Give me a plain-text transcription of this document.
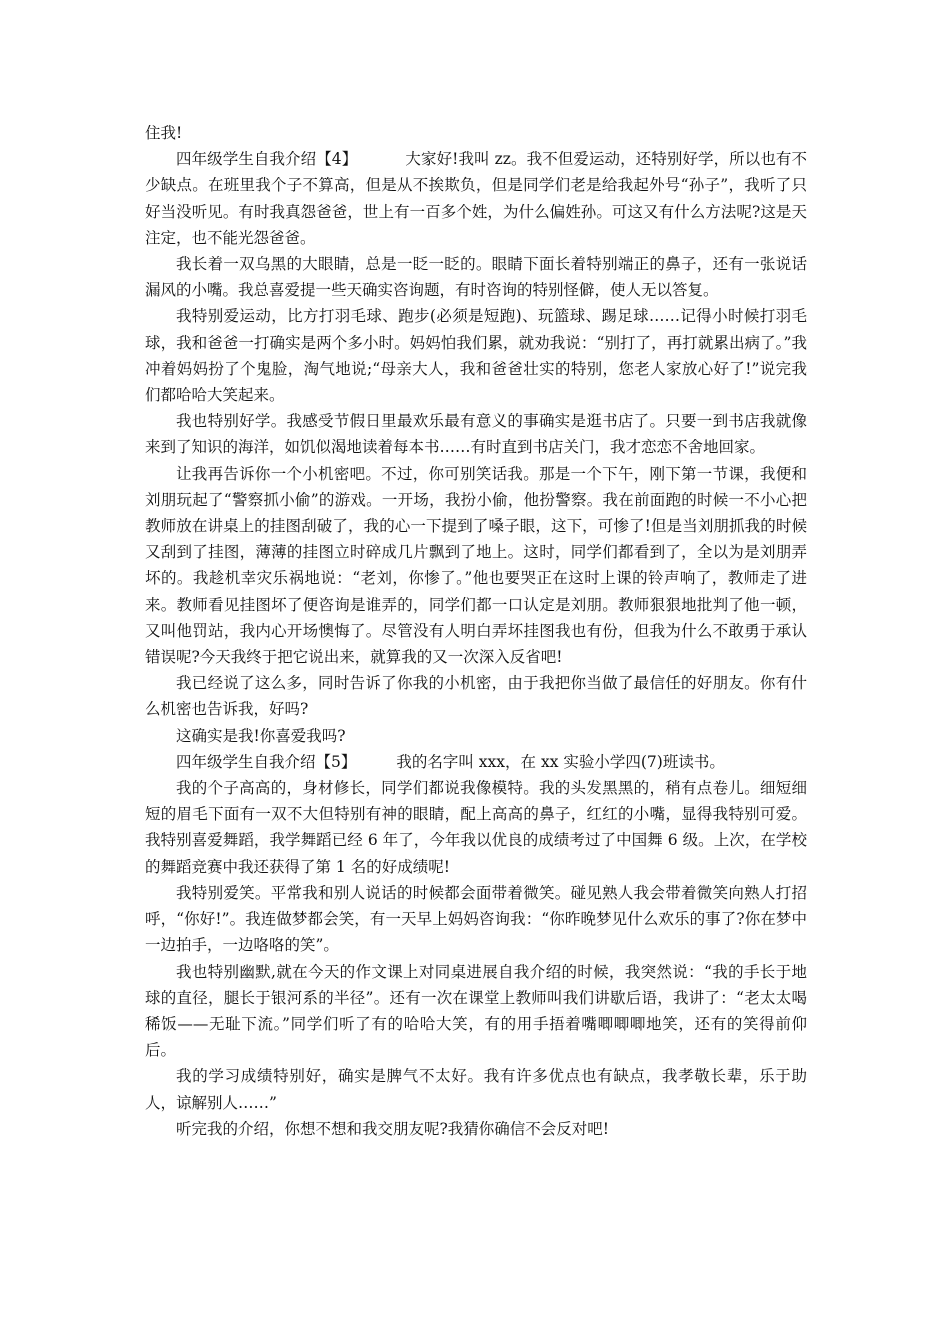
住我!

四年级学生自我介绍【4】	大家好!我叫 zz。我不但爱运动，还特别好学，所以也有不少缺点。在班里我个子不算高，但是从不挨欺负，但是同学们老是给我起外号“孙子”，我听了只好当没听见。有时我真怨爸爸，世上有一百多个姓，为什么偏姓孙。可这又有什么方法呢?这是天注定，也不能光怨爸爸。

我长着一双乌黑的大眼睛，总是一眨一眨的。眼睛下面长着特别端正的鼻子，还有一张说话漏风的小嘴。我总喜爱提一些天确实咨询题，有时咨询的特别怪僻，使人无以答复。

我特别爱运动，比方打羽毛球、跑步(必须是短跑)、玩篮球、踢足球……记得小时候打羽毛球，我和爸爸一打确实是两个多小时。妈妈怕我们累，就劝我说：“别打了，再打就累出病了。”我冲着妈妈扮了个鬼脸，淘气地说;“母亲大人，我和爸爸壮实的特别，您老人家放心好了!”说完我们都哈哈大笑起来。

我也特别好学。我感受节假日里最欢乐最有意义的事确实是逛书店了。只要一到书店我就像来到了知识的海洋，如饥似渴地读着每本书……有时直到书店关门，我才恋恋不舍地回家。

让我再告诉你一个小机密吧。不过，你可别笑话我。那是一个下午，刚下第一节课，我便和刘朋玩起了“警察抓小偷”的游戏。一开场，我扮小偷，他扮警察。我在前面跑的时候一不小心把教师放在讲桌上的挂图刮破了，我的心一下提到了嗓子眼，这下，可惨了!但是当刘朋抓我的时候又刮到了挂图，薄薄的挂图立时碎成几片飘到了地上。这时，同学们都看到了，全以为是刘朋弄坏的。我趁机幸灾乐祸地说：“老刘，你惨了。”他也要哭正在这时上课的铃声响了，教师走了进来。教师看见挂图坏了便咨询是谁弄的，同学们都一口认定是刘朋。教师狠狠地批判了他一顿，又叫他罚站，我内心开场懊悔了。尽管没有人明白弄坏挂图我也有份，但我为什么不敢勇于承认错误呢?今天我终于把它说出来，就算我的又一次深入反省吧!

我已经说了这么多，同时告诉了你我的小机密，由于我把你当做了最信任的好朋友。你有什么机密也告诉我，好吗?

这确实是我!你喜爱我吗?

四年级学生自我介绍【5】	我的名字叫 xxx，在 xx 实验小学四(7)班读书。

我的个子高高的，身材修长，同学们都说我像模特。我的头发黑黑的，稍有点卷儿。细短细短的眉毛下面有一双不大但特别有神的眼睛，配上高高的鼻子，红红的小嘴，显得我特别可爱。我特别喜爱舞蹈，我学舞蹈已经 6 年了，今年我以优良的成绩考过了中国舞 6 级。上次，在学校的舞蹈竞赛中我还获得了第 1 名的好成绩呢!

我特别爱笑。平常我和别人说话的时候都会面带着微笑。碰见熟人我会带着微笑向熟人打招呼，“你好!”。我连做梦都会笑，有一天早上妈妈咨询我：“你昨晚梦见什么欢乐的事了?你在梦中一边拍手，一边咯咯的笑”。

我也特别幽默,就在今天的作文课上对同桌进展自我介绍的时候，我突然说：“我的手长于地球的直径，腿长于银河系的半径”。还有一次在课堂上教师叫我们讲歇后语，我讲了：“老太太喝稀饭——无耻下流。”同学们听了有的哈哈大笑，有的用手捂着嘴唧唧唧地笑，还有的笑得前仰后。

我的学习成绩特别好，确实是脾气不太好。我有许多优点也有缺点，我孝敬长辈，乐于助人，谅解别人……”

听完我的介绍，你想不想和我交朋友呢?我猜你确信不会反对吧!
